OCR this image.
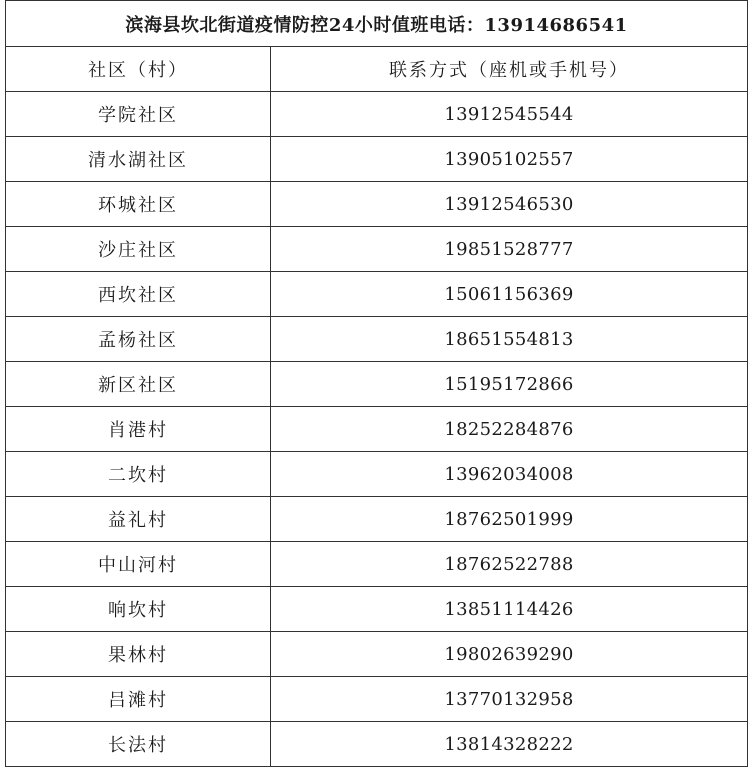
滨海县坎北街道疫情防控24小时值班电话：13914686541	
社区（村）	联系方式（座机或手机号）
学院社区	13912545544
清水湖社区	13905102557
环城社区	13912546530
沙庄社区	19851528777
西坎社区	15061156369
孟杨社区	18651554813
新区社区	15195172866
肖港村	18252284876
二坎村	13962034008
益礼村	18762501999
中山河村	18762522788
响坎村	13851114426
果林村	19802639290
吕滩村	13770132958
长法村	13814328222
